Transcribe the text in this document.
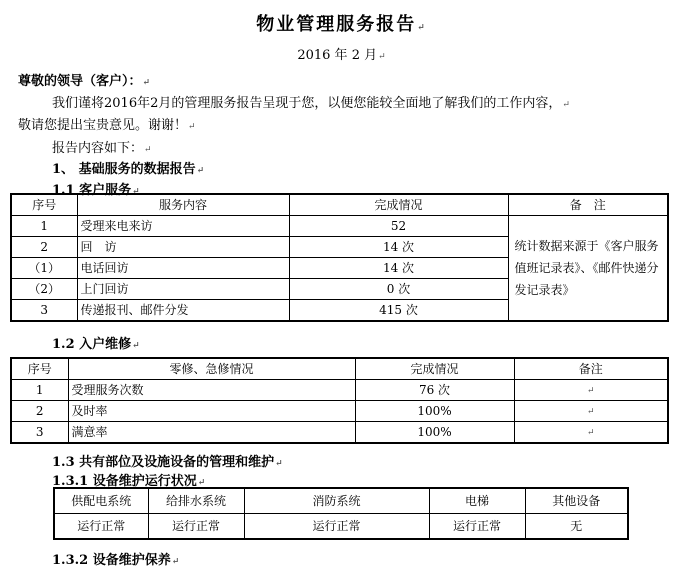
物业管理服务报告 ↵
2016 年 2 月 ↵
尊敬的领导（客户）： ↵
我们谨将2016年2月的管理服务报告呈现于您，以便您能较全面地了解我们的工作内容， ↵
敬请您提出宝贵意见。谢谢！ ↵
报告内容如下： ↵
1、 基础服务的数据报告 ↵
1.1 客户服务 ↵
序号	服务内容	完成情况	备　注
1	受理来电来访	52	统计数据来源于《客户服务值班记录表》、《邮件快递分发记录表》
2	回　访	14 次	
（1）	电话回访	14 次	
（2）	上门回访	0 次	
3	传递报刊、邮件分发	415 次	
1.2 入户维修 ↵
序号	零修、急修情况	完成情况	备注
1	受理服务次数	76 次	↵
2	及时率	100%	↵
3	满意率	100%	↵
1.3 共有部位及设施设备的管理和维护 ↵
1.3.1 设备维护运行状况 ↵
供配电系统	给排水系统	消防系统	电梯	其他设备
运行正常	运行正常	运行正常	运行正常	无
1.3.2 设备维护保养 ↵
